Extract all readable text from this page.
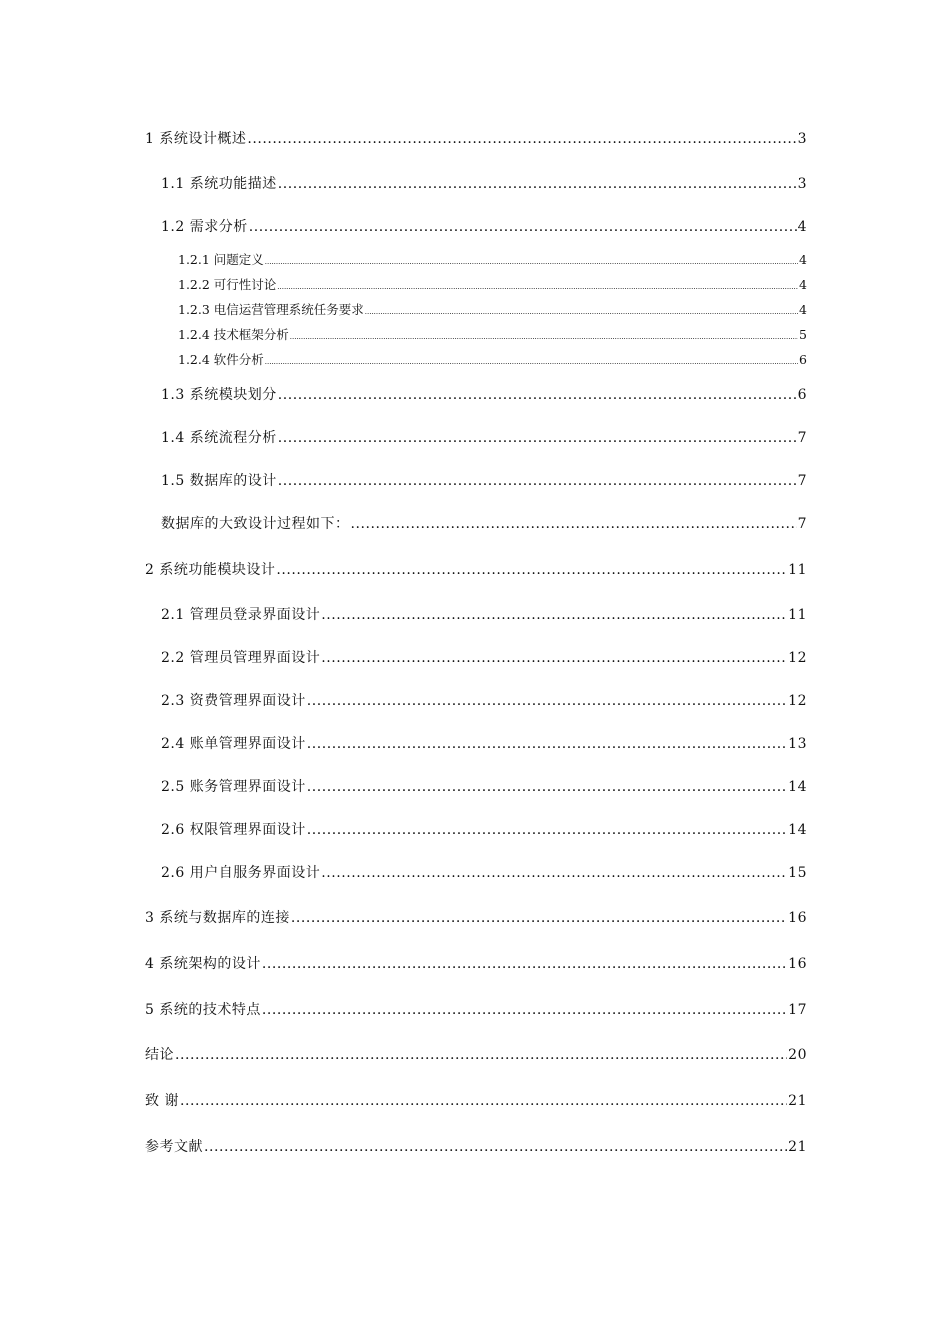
1 系统设计概述 .....	3
1.1 系统功能描述 .....	3
1.2 需求分析 .....	4
1.2.1 问题定义 .....	4
1.2.2 可行性讨论 .....	4
1.2.3 电信运营管理系统任务要求 .....	4
1.2.4 技术框架分析 .....	5
1.2.4 软件分析 .....	6
1.3 系统模块划分 .....	6
1.4 系统流程分析 .....	7
1.5 数据库的设计 .....	7
数据库的大致设计过程如下： .....	7
2 系统功能模块设计 .....	11
2.1 管理员登录界面设计 .....	11
2.2 管理员管理界面设计 .....	12
2.3 资费管理界面设计 .....	12
2.4 账单管理界面设计 .....	13
2.5 账务管理界面设计 .....	14
2.6 权限管理界面设计 .....	14
2.6 用户自服务界面设计 .....	15
3 系统与数据库的连接 .....	16
4 系统架构的设计 .....	16
5 系统的技术特点 .....	17
结论 .....	20
致 谢 .....	21
参考文献 .....	21
